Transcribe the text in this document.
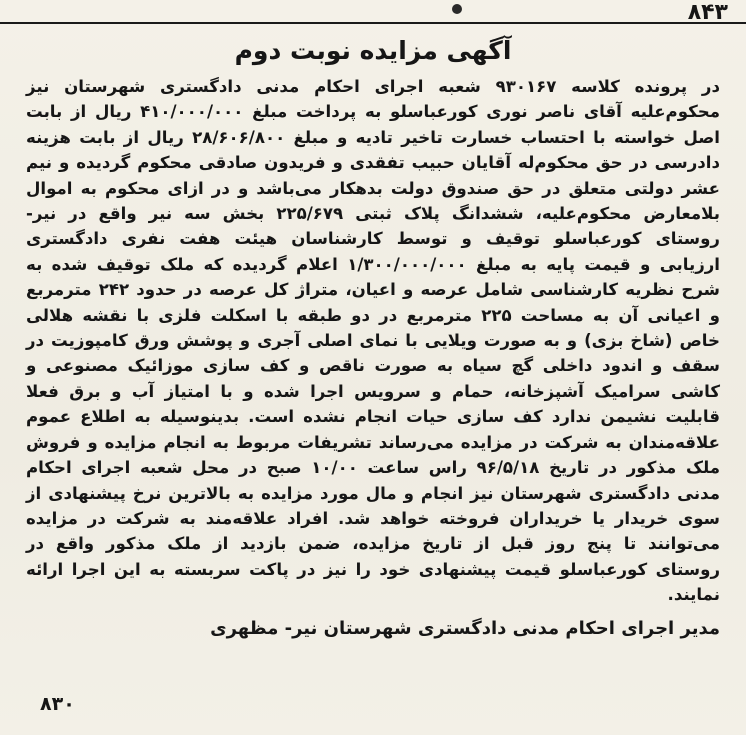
۸۴۳
آگهی مزایده نوبت دوم

در پرونده کلاسه ۹۳۰۱۶۷ شعبه اجرای احکام مدنی دادگستری شهرستان نیز محکوم‌علیه آقای ناصر نوری کورعباسلو به پرداخت مبلغ ۴۱۰/۰۰۰/۰۰۰ ریال از بابت اصل خواسته با احتساب خسارت تاخیر تادیه و مبلغ ۲۸/۶۰۶/۸۰۰ ریال از بابت هزینه دادرسی در حق محکوم‌له آقایان حبیب تفقدی و فریدون صادقی محکوم گردیده و نیم عشر دولتی متعلق در حق صندوق دولت بدهکار می‌باشد و در ازای محکوم به اموال بلامعارض محکوم‌علیه، ششدانگ پلاک ثبتی ۲۲۵/۶۷۹ بخش سه نیر واقع در نیر- روستای کورعباسلو توقیف و توسط کارشناسان هیئت هفت نفری دادگستری ارزیابی و قیمت پایه به مبلغ ۱/۳۰۰/۰۰۰/۰۰۰ اعلام گردیده که ملک توقیف شده به شرح نظریه کارشناسی شامل عرصه و اعیان، متراژ کل عرصه در حدود ۲۴۲ مترمربع و اعیانی آن به مساحت ۲۲۵ مترمربع در دو طبقه با اسکلت فلزی با نقشه هلالی خاص (شاخ بزی) و به صورت ویلایی با نمای اصلی آجری و پوشش ورق کامپوزیت در سقف و اندود داخلی گچ سیاه به صورت ناقص و کف سازی موزائیک مصنوعی و کاشی سرامیک آشپزخانه، حمام و سرویس اجرا شده و با امتیاز آب و برق فعلا قابلیت نشیمن ندارد کف سازی حیات انجام نشده است. بدینوسیله به اطلاع عموم علاقه‌مندان به شرکت در مزایده می‌رساند تشریفات مربوط به انجام مزایده و فروش ملک مذکور در تاریخ ۹۶/۵/۱۸ راس ساعت ۱۰/۰۰ صبح در محل شعبه اجرای احکام مدنی دادگستری شهرستان نیز انجام و مال مورد مزایده به بالاترین نرخ پیشنهادی از سوی خریدار یا خریداران فروخته خواهد شد. افراد علاقه‌مند به شرکت در مزایده می‌توانند تا پنج روز قبل از تاریخ مزایده، ضمن بازدید از ملک مذکور واقع در روستای کورعباسلو قیمت پیشنهادی خود را نیز در پاکت سربسته به این اجرا ارائه نمایند.

مدیر اجرای احکام مدنی دادگستری شهرستان نیر- مظهری
۸۳۰
